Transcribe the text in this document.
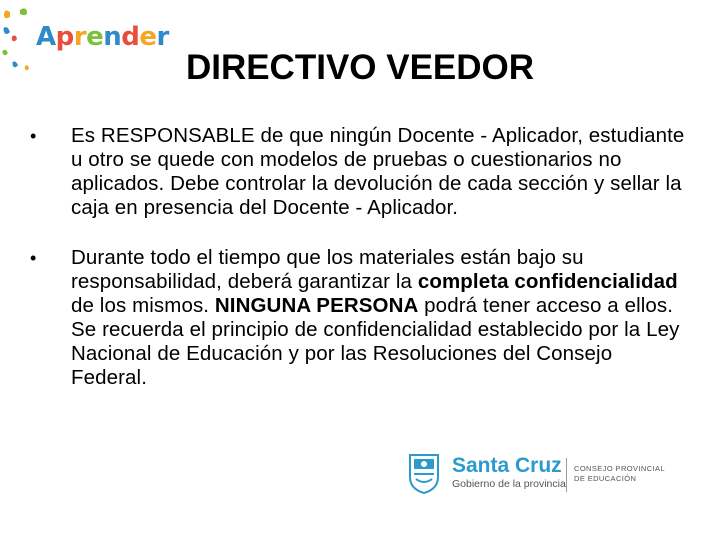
Aprender
DIRECTIVO VEEDOR
• Es RESPONSABLE de que ningún Docente - Aplicador, estudiante u otro se quede con modelos de pruebas o cuestionarios no aplicados. Debe controlar la devolución de cada sección y sellar la caja en presencia del Docente - Aplicador.
• Durante todo el tiempo que los materiales están bajo su responsabilidad, deberá garantizar la completa confidencialidad de los mismos. NINGUNA PERSONA podrá tener acceso a ellos. Se recuerda el principio de confidencialidad establecido por la Ley Nacional de Educación y por las Resoluciones del Consejo Federal.
Santa Cruz
Gobierno de la provincia
CONSEJO PROVINCIAL
DE EDUCACIÓN
